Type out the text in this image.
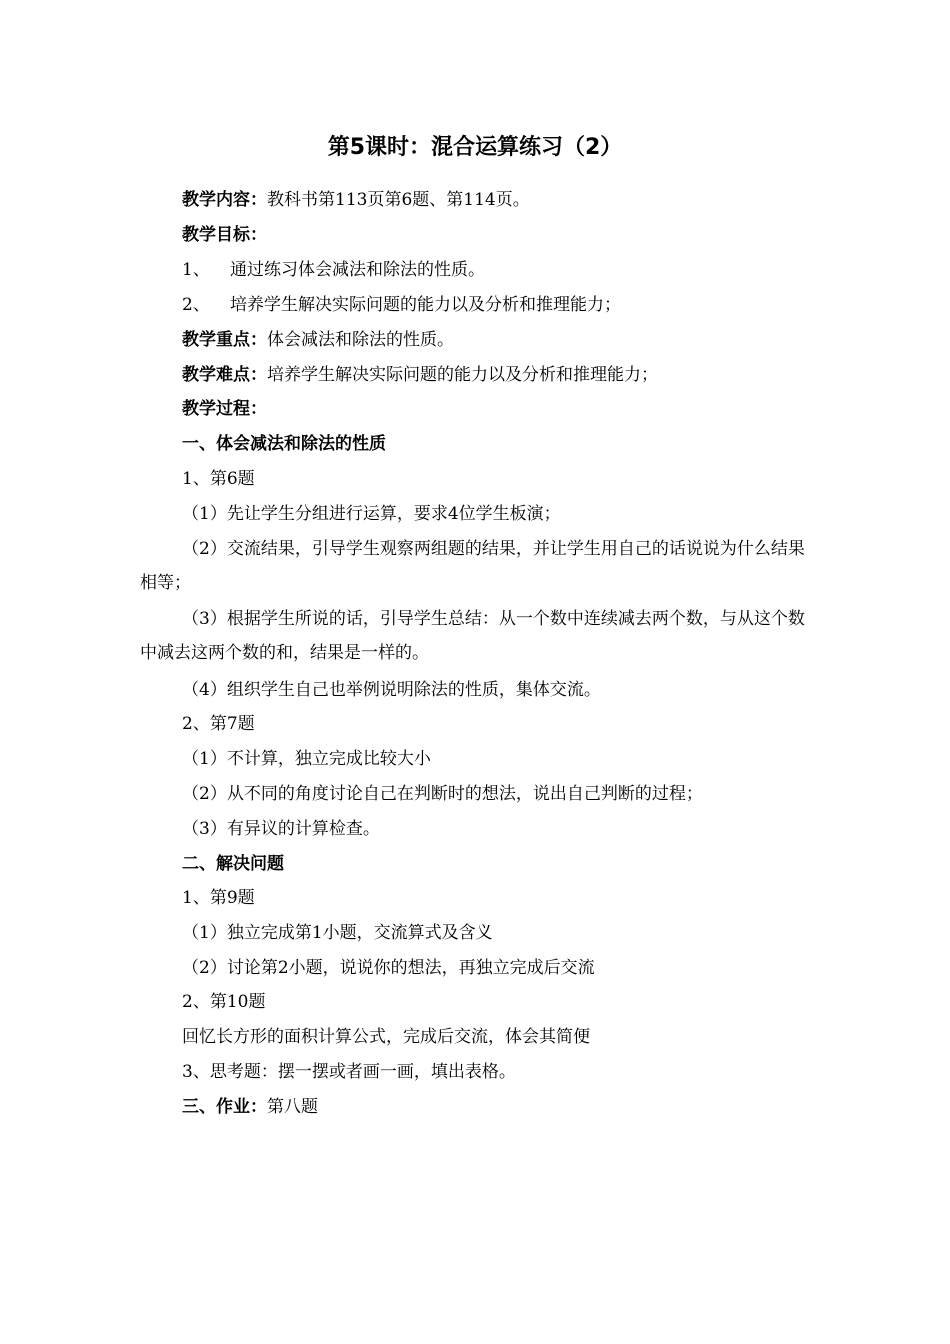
第5课时：混合运算练习（2）
教学内容：教科书第113页第6题、第114页。
教学目标：
1、 通过练习体会减法和除法的性质。
2、 培养学生解决实际问题的能力以及分析和推理能力；
教学重点：体会减法和除法的性质。
教学难点：培养学生解决实际问题的能力以及分析和推理能力；
教学过程：
一、体会减法和除法的性质
1、第6题
（1）先让学生分组进行运算，要求4位学生板演；
（2）交流结果，引导学生观察两组题的结果，并让学生用自己的话说说为什么结果相等；
（3）根据学生所说的话，引导学生总结：从一个数中连续减去两个数，与从这个数中减去这两个数的和，结果是一样的。
（4）组织学生自己也举例说明除法的性质，集体交流。
2、第7题
（1）不计算，独立完成比较大小
（2）从不同的角度讨论自己在判断时的想法，说出自己判断的过程；
（3）有异议的计算检查。
二、解决问题
1、第9题
（1）独立完成第1小题，交流算式及含义
（2）讨论第2小题，说说你的想法，再独立完成后交流
2、第10题
回忆长方形的面积计算公式，完成后交流，体会其简便
3、思考题：摆一摆或者画一画，填出表格。
三、作业：第八题
